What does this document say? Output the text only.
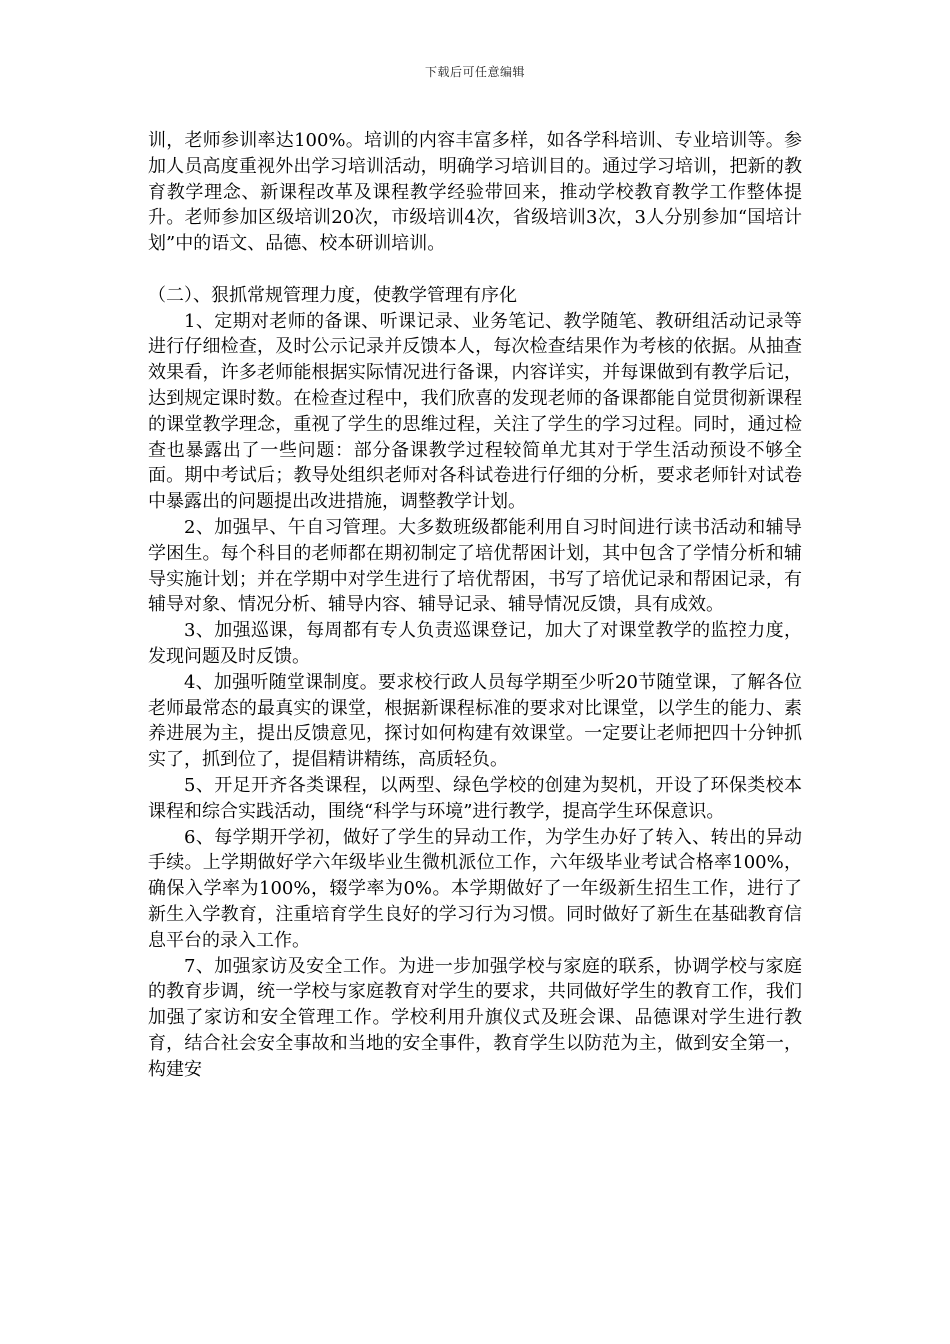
下载后可任意编辑

训，老师参训率达100%。培训的内容丰富多样，如各学科培训、专业培训等。参加人员高度重视外出学习培训活动，明确学习培训目的。通过学习培训，把新的教育教学理念、新课程改革及课程教学经验带回来，推动学校教育教学工作整体提升。老师参加区级培训20次，市级培训4次，省级培训3次，3人分别参加“国培计划”中的语文、品德、校本研训培训。

（二）、狠抓常规管理力度，使教学管理有序化

1、定期对老师的备课、听课记录、业务笔记、教学随笔、教研组活动记录等进行仔细检查，及时公示记录并反馈本人，每次检查结果作为考核的依据。从抽查效果看，许多老师能根据实际情况进行备课，内容详实，并每课做到有教学后记，达到规定课时数。在检查过程中，我们欣喜的发现老师的备课都能自觉贯彻新课程的课堂教学理念，重视了学生的思维过程，关注了学生的学习过程。同时，通过检查也暴露出了一些问题：部分备课教学过程较简单尤其对于学生活动预设不够全面。期中考试后；教导处组织老师对各科试卷进行仔细的分析，要求老师针对试卷中暴露出的问题提出改进措施，调整教学计划。

2、加强早、午自习管理。大多数班级都能利用自习时间进行读书活动和辅导学困生。每个科目的老师都在期初制定了培优帮困计划，其中包含了学情分析和辅导实施计划；并在学期中对学生进行了培优帮困，书写了培优记录和帮困记录，有辅导对象、情况分析、辅导内容、辅导记录、辅导情况反馈，具有成效。

3、加强巡课，每周都有专人负责巡课登记，加大了对课堂教学的监控力度，发现问题及时反馈。

4、加强听随堂课制度。要求校行政人员每学期至少听20节随堂课，了解各位老师最常态的最真实的课堂，根据新课程标准的要求对比课堂，以学生的能力、素养进展为主，提出反馈意见，探讨如何构建有效课堂。一定要让老师把四十分钟抓实了，抓到位了，提倡精讲精练，高质轻负。

5、开足开齐各类课程，以两型、绿色学校的创建为契机，开设了环保类校本课程和综合实践活动，围绕“科学与环境”进行教学，提高学生环保意识。

6、每学期开学初，做好了学生的异动工作，为学生办好了转入、转出的异动手续。上学期做好学六年级毕业生微机派位工作，六年级毕业考试合格率100%，确保入学率为100%，辍学率为0%。本学期做好了一年级新生招生工作，进行了新生入学教育，注重培育学生良好的学习行为习惯。同时做好了新生在基础教育信息平台的录入工作。

7、加强家访及安全工作。为进一步加强学校与家庭的联系，协调学校与家庭的教育步调，统一学校与家庭教育对学生的要求，共同做好学生的教育工作，我们加强了家访和安全管理工作。学校利用升旗仪式及班会课、品德课对学生进行教育，结合社会安全事故和当地的安全事件，教育学生以防范为主，做到安全第一，构建安
